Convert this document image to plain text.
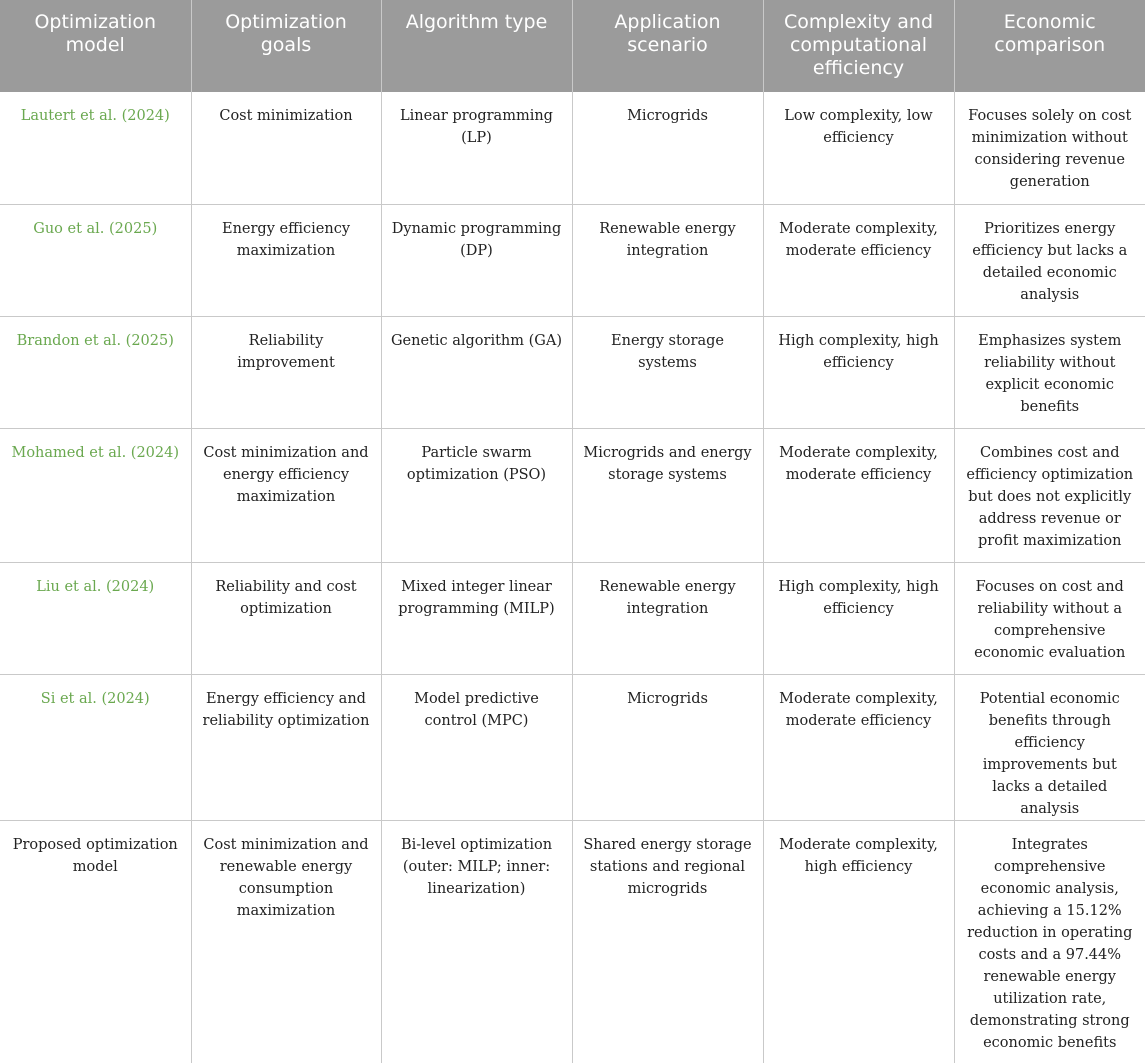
Optimization model	Optimization goals	Algorithm type	Application scenario	Complexity and computational efficiency	Economic comparison
Lautert et al. (2024)	Cost minimization	Linear programming (LP)	Microgrids	Low complexity, low efficiency	Focuses solely on cost minimization without considering revenue generation
Guo et al. (2025)	Energy efficiency maximization	Dynamic programming (DP)	Renewable energy integration	Moderate complexity, moderate efficiency	Prioritizes energy efficiency but lacks a detailed economic analysis
Brandon et al. (2025)	Reliability improvement	Genetic algorithm (GA)	Energy storage systems	High complexity, high efficiency	Emphasizes system reliability without explicit economic benefits
Mohamed et al. (2024)	Cost minimization and energy efficiency maximization	Particle swarm optimization (PSO)	Microgrids and energy storage systems	Moderate complexity, moderate efficiency	Combines cost and efficiency optimization but does not explicitly address revenue or profit maximization
Liu et al. (2024)	Reliability and cost optimization	Mixed integer linear programming (MILP)	Renewable energy integration	High complexity, high efficiency	Focuses on cost and reliability without a comprehensive economic evaluation
Si et al. (2024)	Energy efficiency and reliability optimization	Model predictive control (MPC)	Microgrids	Moderate complexity, moderate efficiency	Potential economic benefits through efficiency improvements but lacks a detailed analysis
Proposed optimization model	Cost minimization and renewable energy consumption maximization	Bi-level optimization (outer: MILP; inner: linearization)	Shared energy storage stations and regional microgrids	Moderate complexity, high efficiency	Integrates comprehensive economic analysis, achieving a 15.12% reduction in operating costs and a 97.44% renewable energy utilization rate, demonstrating strong economic benefits
